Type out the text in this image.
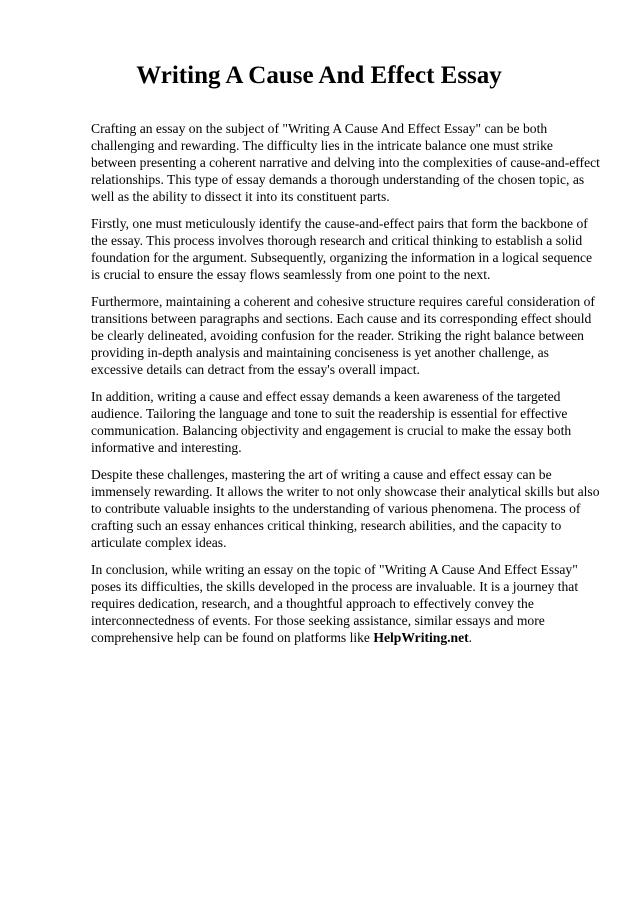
Writing A Cause And Effect Essay

Crafting an essay on the subject of "Writing A Cause And Effect Essay" can be both challenging and rewarding. The difficulty lies in the intricate balance one must strike between presenting a coherent narrative and delving into the complexities of cause-and-effect relationships. This type of essay demands a thorough understanding of the chosen topic, as well as the ability to dissect it into its constituent parts.

Firstly, one must meticulously identify the cause-and-effect pairs that form the backbone of the essay. This process involves thorough research and critical thinking to establish a solid foundation for the argument. Subsequently, organizing the information in a logical sequence is crucial to ensure the essay flows seamlessly from one point to the next.

Furthermore, maintaining a coherent and cohesive structure requires careful consideration of transitions between paragraphs and sections. Each cause and its corresponding effect should be clearly delineated, avoiding confusion for the reader. Striking the right balance between providing in-depth analysis and maintaining conciseness is yet another challenge, as excessive details can detract from the essay's overall impact.

In addition, writing a cause and effect essay demands a keen awareness of the targeted audience. Tailoring the language and tone to suit the readership is essential for effective communication. Balancing objectivity and engagement is crucial to make the essay both informative and interesting.

Despite these challenges, mastering the art of writing a cause and effect essay can be immensely rewarding. It allows the writer to not only showcase their analytical skills but also to contribute valuable insights to the understanding of various phenomena. The process of crafting such an essay enhances critical thinking, research abilities, and the capacity to articulate complex ideas.

In conclusion, while writing an essay on the topic of "Writing A Cause And Effect Essay" poses its difficulties, the skills developed in the process are invaluable. It is a journey that requires dedication, research, and a thoughtful approach to effectively convey the interconnectedness of events. For those seeking assistance, similar essays and more comprehensive help can be found on platforms like HelpWriting.net.
